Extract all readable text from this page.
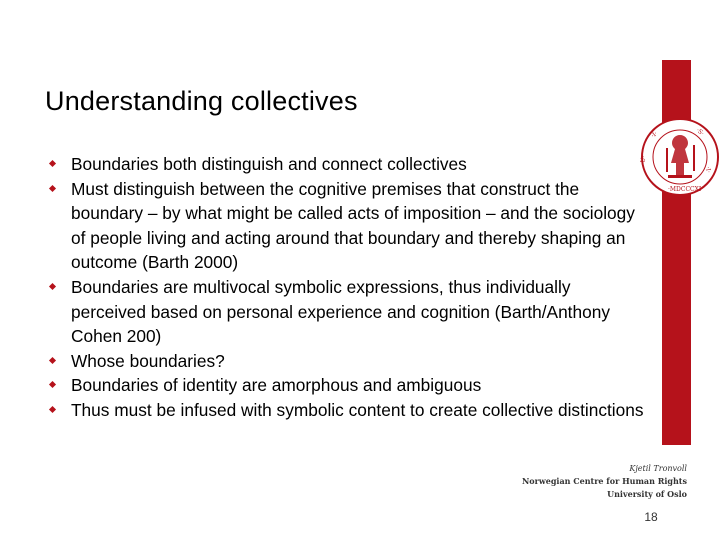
Understanding collectives
·I·	·S·
·I·
·MDCCCXI·
·U·
Boundaries both distinguish and connect collectives
Must distinguish between the cognitive premises that construct the boundary – by what might be called acts of imposition – and the sociology of people living and acting around that boundary and thereby shaping an outcome (Barth 2000)
Boundaries are multivocal symbolic expressions, thus individually perceived based on personal experience and cognition (Barth/Anthony Cohen 200)
Whose boundaries?
Boundaries of identity are amorphous and ambiguous
Thus must be infused with symbolic content to create collective distinctions
Kjetil Tronvoll
Norwegian Centre for Human Rights
University of Oslo
18
